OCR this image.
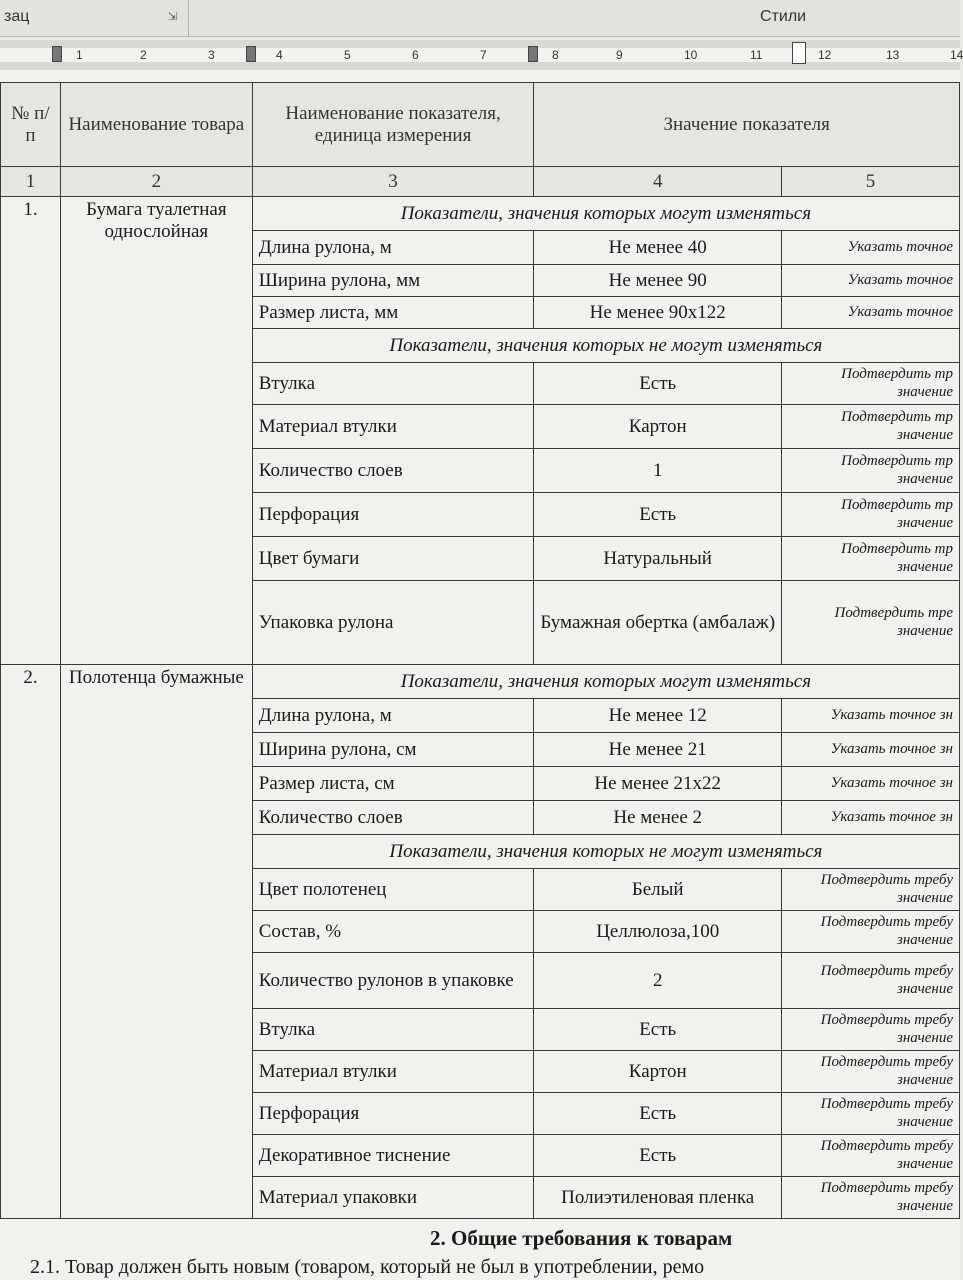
зац	⇲	Стили
1	2	3	4	5	6	7	8	9	10	11	12	13	14
№ п/п	Наименование товара	Наименование показателя, единица измерения	Значение показателя	
1	2	3	4	5
1.	Бумага туалетная однослойная	Показатели, значения которых могут изменяться		
		Длина рулона, м	Не менее 40	Указать точное
		Ширина рулона, мм	Не менее 90	Указать точное
		Размер листа, мм	Не менее 90х122	Указать точное
		Показатели, значения которых не могут изменяться		
		Втулка	Есть	Подтвердить тр
значение

		Материал втулки	Картон	Подтвердить тр
значение

		Количество слоев	1	Подтвердить тр
значение

		Перфорация	Есть	Подтвердить тр
значение

		Цвет бумаги	Натуральный	Подтвердить тр
значение

		Упаковка рулона	Бумажная обертка (амбалаж)	Подтвердить тре
значение

2.	Полотенца бумажные	Показатели, значения которых могут изменяться		
		Длина рулона, м	Не менее 12	Указать точное зн
		Ширина рулона, см	Не менее 21	Указать точное зн
		Размер листа, см	Не менее 21х22	Указать точное зн
		Количество слоев	Не менее 2	Указать точное зн
		Показатели, значения которых не могут изменяться		
		Цвет полотенец	Белый	Подтвердить требу
значение

		Состав, %	Целлюлоза,100	Подтвердить требу
значение

		Количество рулонов в упаковке	2	Подтвердить требу
значение

		Втулка	Есть	Подтвердить требу
значение

		Материал втулки	Картон	Подтвердить требу
значение

		Перфорация	Есть	Подтвердить требу
значение

		Декоративное тиснение	Есть	Подтвердить требу
значение

		Материал упаковки	Полиэтиленовая пленка	Подтвердить требу
значение
2. Общие требования к товарам
2.1. Товар должен быть новым (товаром, который не был в употреблении, ремо
